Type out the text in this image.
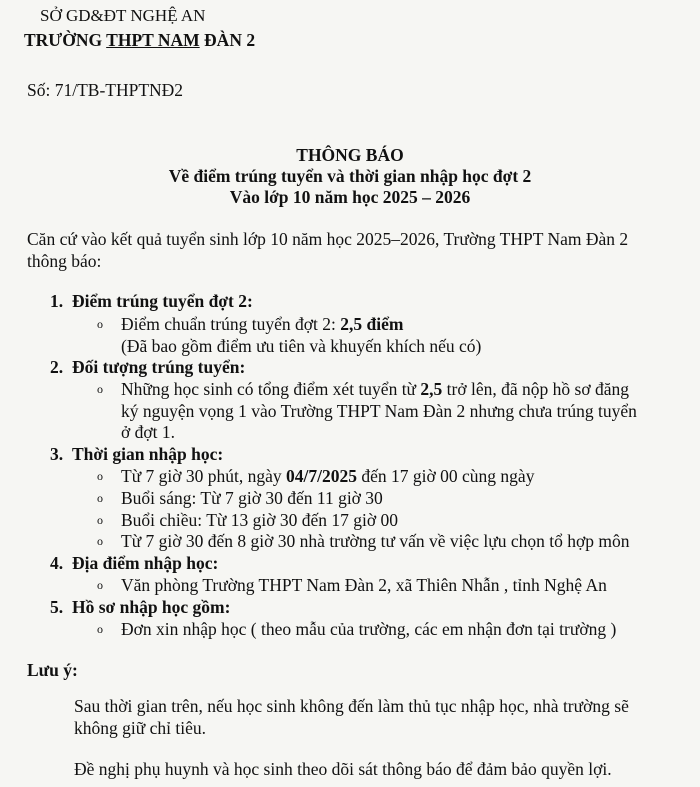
SỞ GD&ĐT NGHỆ AN
TRƯỜNG THPT NAM ĐÀN 2
Số: 71/TB-THPTNĐ2
THÔNG BÁO
Về điểm trúng tuyển và thời gian nhập học đợt 2
Vào lớp 10 năm học 2025 – 2026
Căn cứ vào kết quả tuyển sinh lớp 10 năm học 2025–2026, Trường THPT Nam Đàn 2
thông báo:
1. Điểm trúng tuyển đợt 2:
o Điểm chuẩn trúng tuyển đợt 2: 2,5 điểm
(Đã bao gồm điểm ưu tiên và khuyến khích nếu có)
2. Đối tượng trúng tuyển:
o Những học sinh có tổng điểm xét tuyển từ 2,5 trở lên, đã nộp hồ sơ đăng
ký nguyện vọng 1 vào Trường THPT Nam Đàn 2 nhưng chưa trúng tuyển
ở đợt 1.
3. Thời gian nhập học:
o Từ 7 giờ 30 phút, ngày 04/7/2025 đến 17 giờ 00 cùng ngày
o Buổi sáng: Từ 7 giờ 30 đến 11 giờ 30
o Buổi chiều: Từ 13 giờ 30 đến 17 giờ 00
o Từ 7 giờ 30 đến 8 giờ 30 nhà trường tư vấn về việc lựu chọn tổ hợp môn
4. Địa điểm nhập học:
o Văn phòng Trường THPT Nam Đàn 2, xã Thiên Nhẫn , tỉnh Nghệ An
5. Hồ sơ nhập học gồm:
o Đơn xin nhập học ( theo mẫu của trường, các em nhận đơn tại trường )
Lưu ý:
Sau thời gian trên, nếu học sinh không đến làm thủ tục nhập học, nhà trường sẽ
không giữ chỉ tiêu.
Đề nghị phụ huynh và học sinh theo dõi sát thông báo để đảm bảo quyền lợi.
